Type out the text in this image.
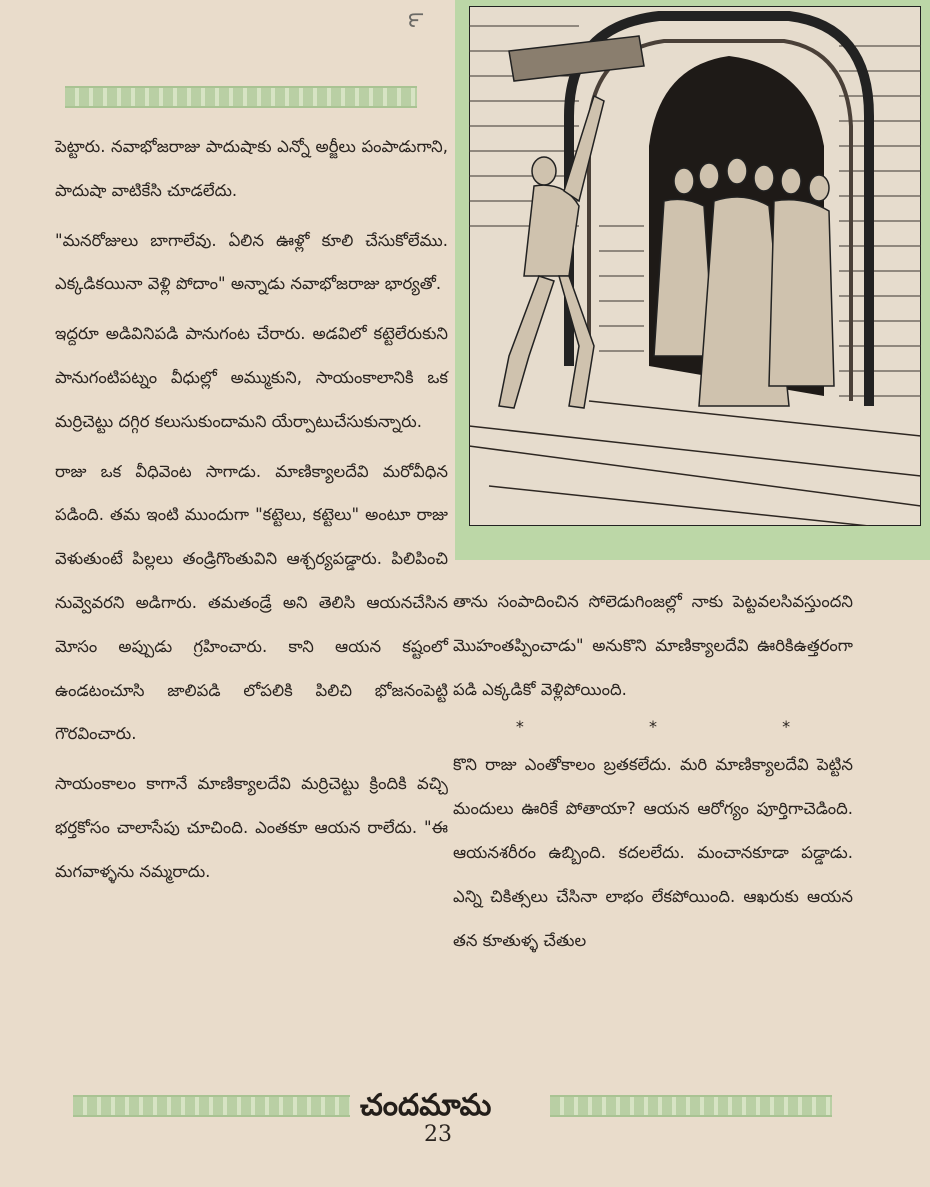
౯

పెట్టారు. నవాభోజరాజు పాదుషాకు ఎన్నో అర్జీలు పంపాడుగాని, పాదుషా వాటికేసి చూడలేదు.

"మనరోజులు బాగాలేవు. ఏలిన ఊళ్లో కూలి చేసుకోలేము. ఎక్కడికయినా వెళ్లి పోదాం" అన్నాడు నవాభోజరాజు భార్యతో.

ఇద్దరూ అడివినిపడి పానుగంట చేరారు. అడవిలో కట్టెలేరుకుని పానుగంటిపట్నం వీధుల్లో అమ్ముకుని, సాయంకాలానికి ఒక మర్రిచెట్టు దగ్గిర కలుసుకుందామని యేర్పాటుచేసుకున్నారు.

రాజు ఒక వీధివెంట సాగాడు. మాణిక్యాలదేవి మరోవీధిన పడింది. తమ ఇంటి ముందుగా "కట్టెలు, కట్టెలు" అంటూ రాజు వెళుతుంటే పిల్లలు తండ్రిగొంతువిని ఆశ్చర్యపడ్డారు. పిలిపించి నువ్వెవరని అడిగారు. తమతండ్రే అని తెలిసి ఆయనచేసిన మోసం అప్పుడు గ్రహించారు. కాని ఆయన కష్టంలో ఉండటంచూసి జాలిపడి లోపలికి పిలిచి భోజనంపెట్టి గౌరవించారు.

సాయంకాలం కాగానే మాణిక్యాలదేవి మర్రిచెట్టు క్రిందికి వచ్చి భర్తకోసం చాలాసేపు చూచింది. ఎంతకూ ఆయన రాలేదు. "ఈ మగవాళ్ళను నమ్మరాదు.

తాను సంపాదించిన సోలెడుగింజల్లో నాకు పెట్టవలసివస్తుందని మొహంతప్పించాడు" అనుకొని మాణిక్యాలదేవి ఊరికిఉత్తరంగా పడి ఎక్కడికో వెళ్లిపోయింది.

* * *

కొని రాజు ఎంతోకాలం బ్రతకలేదు. మరి మాణిక్యాలదేవి పెట్టిన మందులు ఊరికే పోతాయా? ఆయన ఆరోగ్యం పూర్తిగాచెడింది. ఆయనశరీరం ఉబ్బింది. కదలలేదు. మంచానకూడా పడ్డాడు. ఎన్ని చికిత్సలు చేసినా లాభం లేకపోయింది. ఆఖరుకు ఆయన తన కూతుళ్ళ చేతుల

చందమామ
23
